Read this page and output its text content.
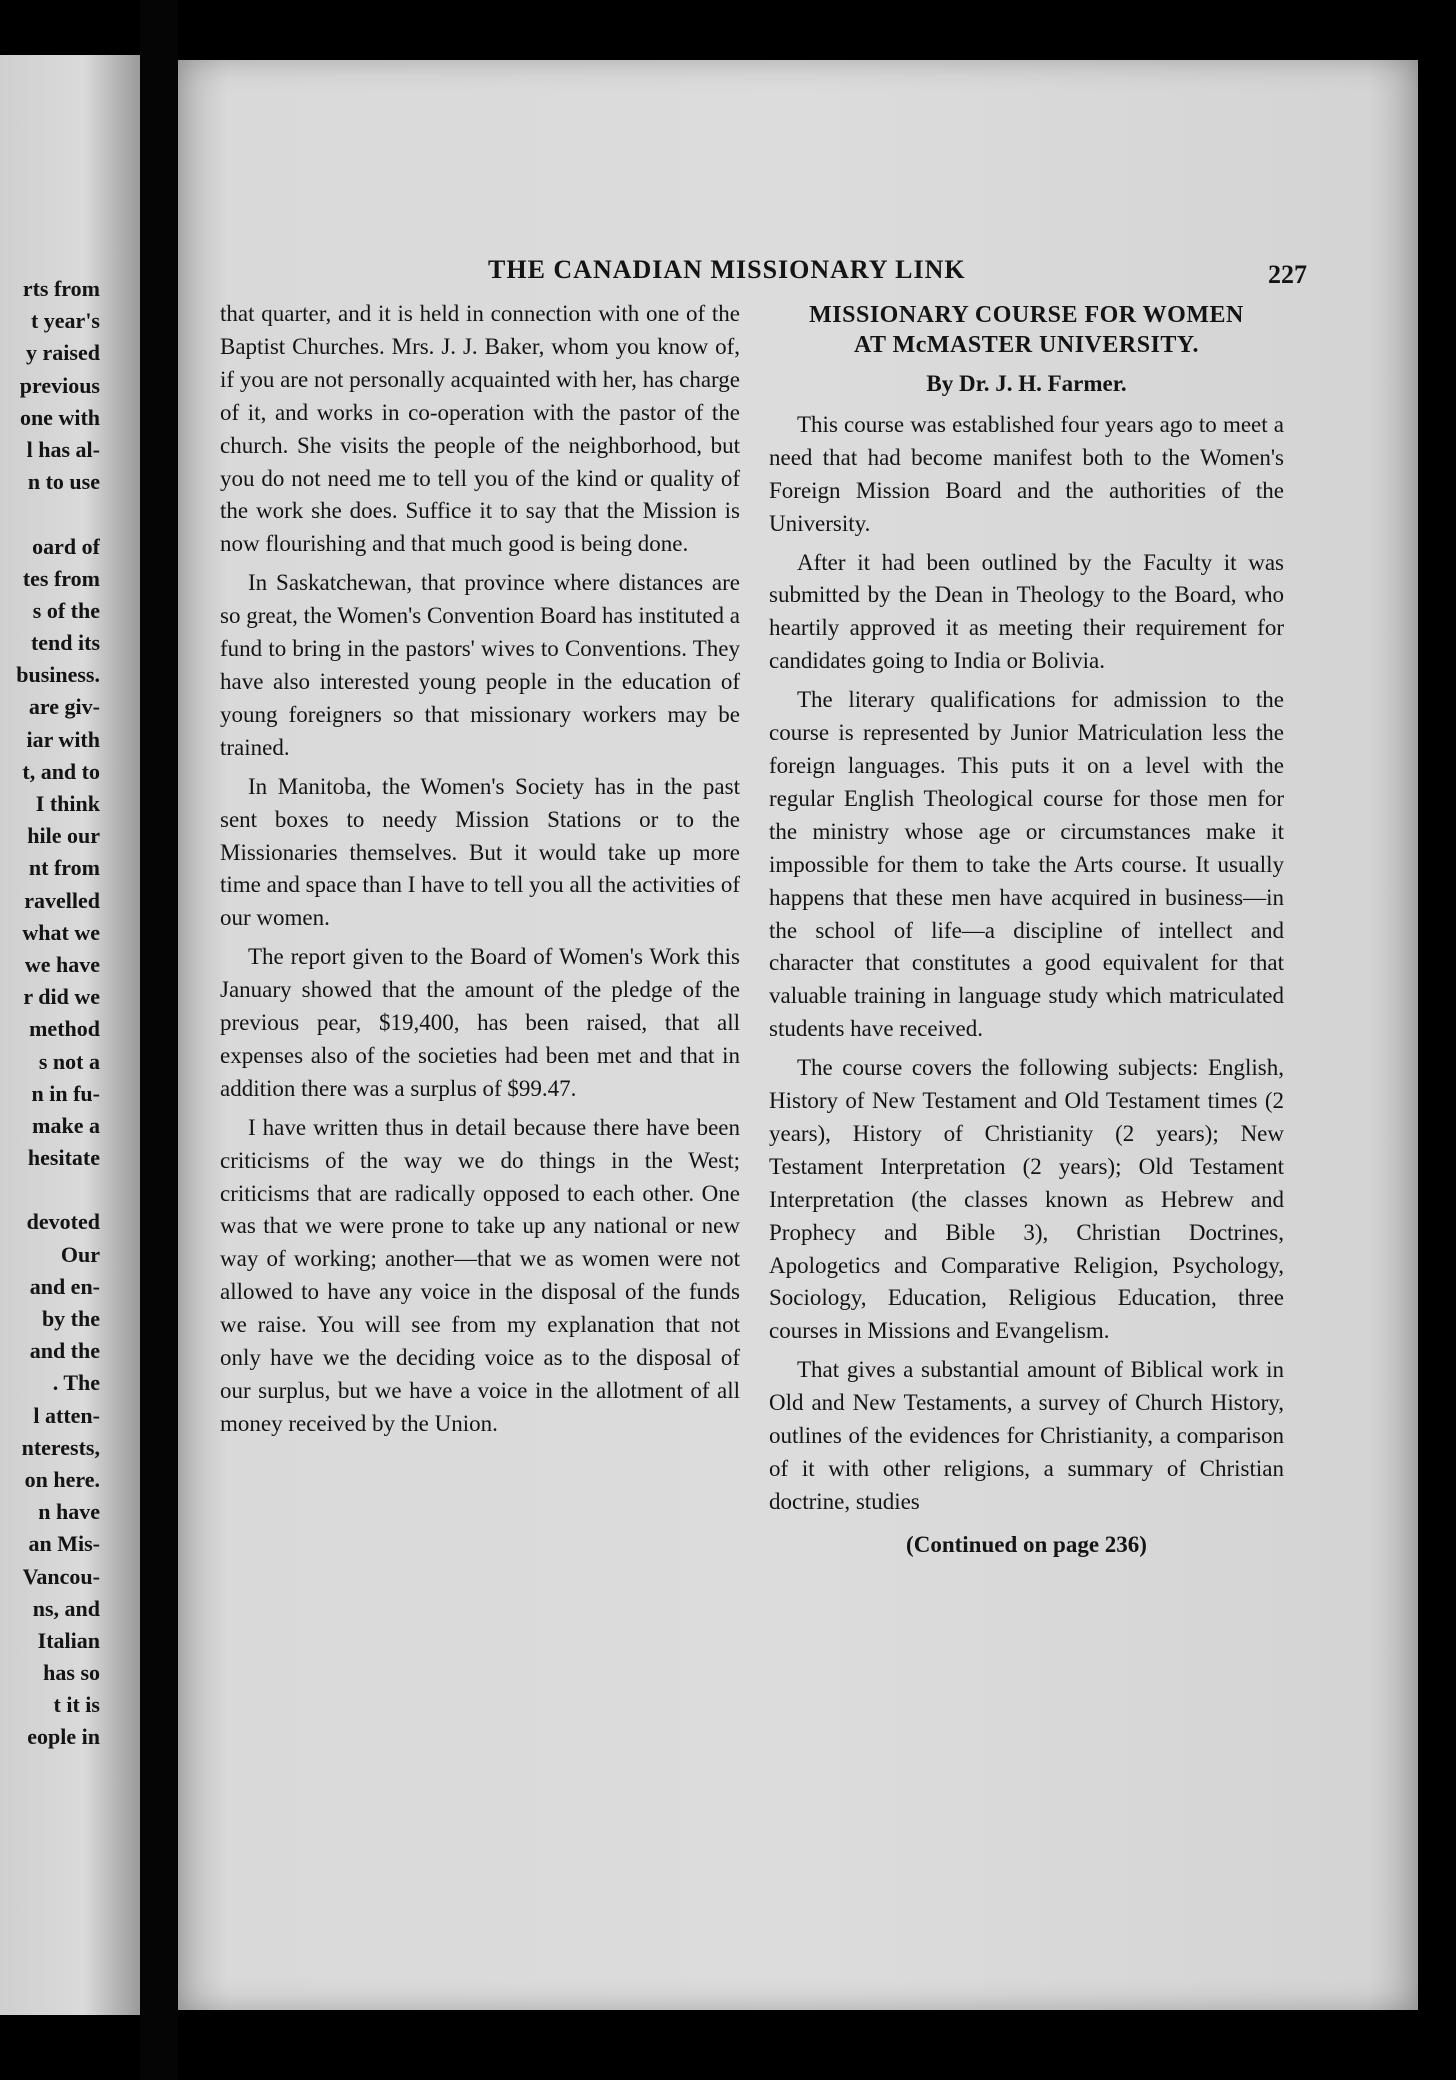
rts from
t year's
y raised
previous
one with
l has al-
n to use
oard of
tes from
s of the
tend its
business.
are giv-
iar with
t, and to
I think
hile our
nt from
ravelled
what we
we have
r did we
method
s not a
n in fu-
make a
hesitate
devoted
Our
and en-
by the
and the
. The
l atten-
nterests,
on here.
n have
an Mis-
Vancou-
ns, and
Italian
has so
t it is
eople in
THE CANADIAN MISSIONARY LINK	227

that quarter, and it is held in connection with one of the Baptist Churches. Mrs. J. J. Baker, whom you know of, if you are not personally acquainted with her, has charge of it, and works in co-operation with the pastor of the church. She visits the people of the neighborhood, but you do not need me to tell you of the kind or quality of the work she does. Suffice it to say that the Mission is now flourishing and that much good is being done.

In Saskatchewan, that province where distances are so great, the Women's Convention Board has instituted a fund to bring in the pastors' wives to Conventions. They have also interested young people in the education of young foreigners so that missionary workers may be trained.

In Manitoba, the Women's Society has in the past sent boxes to needy Mission Stations or to the Missionaries themselves. But it would take up more time and space than I have to tell you all the activities of our women.

The report given to the Board of Women's Work this January showed that the amount of the pledge of the previous pear, $19,400, has been raised, that all expenses also of the societies had been met and that in addition there was a surplus of $99.47.

I have written thus in detail because there have been criticisms of the way we do things in the West; criticisms that are radically opposed to each other. One was that we were prone to take up any national or new way of working; another—that we as women were not allowed to have any voice in the disposal of the funds we raise. You will see from my explanation that not only have we the deciding voice as to the disposal of our surplus, but we have a voice in the allotment of all money received by the Union.

MISSIONARY COURSE FOR WOMEN
AT McMASTER UNIVERSITY.
By Dr. J. H. Farmer.

This course was established four years ago to meet a need that had become manifest both to the Women's Foreign Mission Board and the authorities of the University.

After it had been outlined by the Faculty it was submitted by the Dean in Theology to the Board, who heartily approved it as meeting their requirement for candidates going to India or Bolivia.

The literary qualifications for admission to the course is represented by Junior Matriculation less the foreign languages. This puts it on a level with the regular English Theological course for those men for the ministry whose age or circumstances make it impossible for them to take the Arts course. It usually happens that these men have acquired in business—in the school of life—a discipline of intellect and character that constitutes a good equivalent for that valuable training in language study which matriculated students have received.

The course covers the following subjects: English, History of New Testament and Old Testament times (2 years), History of Christianity (2 years); New Testament Interpretation (2 years); Old Testament Interpretation (the classes known as Hebrew and Prophecy and Bible 3), Christian Doctrines, Apologetics and Comparative Religion, Psychology, Sociology, Education, Religious Education, three courses in Missions and Evangelism.

That gives a substantial amount of Biblical work in Old and New Testaments, a survey of Church History, outlines of the evidences for Christianity, a comparison of it with other religions, a summary of Christian doctrine, studies

(Continued on page 236)
